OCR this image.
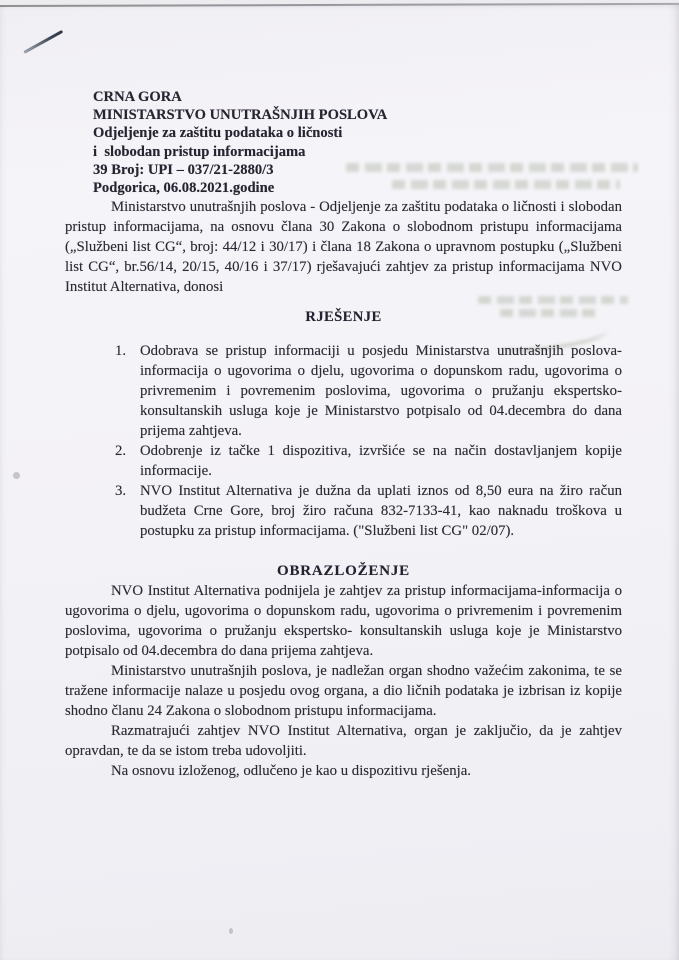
CRNA GORA
MINISTARSTVO UNUTRAŠNJIH POSLOVA
Odjeljenje za zaštitu podataka o ličnosti
i  slobodan pristup informacijama
39 Broj: UPI – 037/21-2880/3
Podgorica, 06.08.2021.godine

Ministarstvo unutrašnjih poslova - Odjeljenje za zaštitu podataka o ličnosti i slobodan pristup informacijama, na osnovu člana 30 Zakona o slobodnom pristupu informacijama („Službeni list CG“, broj: 44/12 i 30/17) i člana 18 Zakona o upravnom postupku („Službeni list CG“, br.56/14, 20/15, 40/16 i 37/17) rješavajući zahtjev za pristup informacijama NVO Institut Alternativa, donosi

RJEŠENJE
Odobrava se pristup informaciji u posjedu Ministarstva unutrašnjih poslova-informacija o ugovorima o djelu, ugovorima o dopunskom radu, ugovorima o privremenim i povremenim poslovima, ugovorima o pružanju ekspertsko-konsultanskih usluga koje je Ministarstvo potpisalo od 04.decembra do dana prijema zahtjeva.
Odobrenje iz tačke 1 dispozitiva, izvršiće se na način dostavljanjem kopije informacije.
NVO Institut Alternativa je dužna da uplati iznos od 8,50 eura na žiro račun budžeta Crne Gore, broj žiro računa 832-7133-41, kao naknadu troškova u postupku za pristup informacijama. ("Službeni list CG" 02/07).
OBRAZLOŽENJE

NVO Institut Alternativa podnijela je zahtjev za pristup informacijama-informacija o ugovorima o djelu, ugovorima o dopunskom radu, ugovorima o privremenim i povremenim poslovima, ugovorima o pružanju ekspertsko- konsultanskih usluga koje je Ministarstvo potpisalo od 04.decembra do dana prijema zahtjeva.

Ministarstvo unutrašnjih poslova, je nadležan organ shodno važećim zakonima, te se tražene informacije nalaze u posjedu ovog organa, a dio ličnih podataka je izbrisan iz kopije shodno članu 24 Zakona o slobodnom pristupu informacijama.

Razmatrajući zahtjev NVO Institut Alternativa, organ je zaključio, da je zahtjev opravdan, te da se istom treba udovoljiti.

Na osnovu izloženog, odlučeno je kao u dispozitivu rješenja.
